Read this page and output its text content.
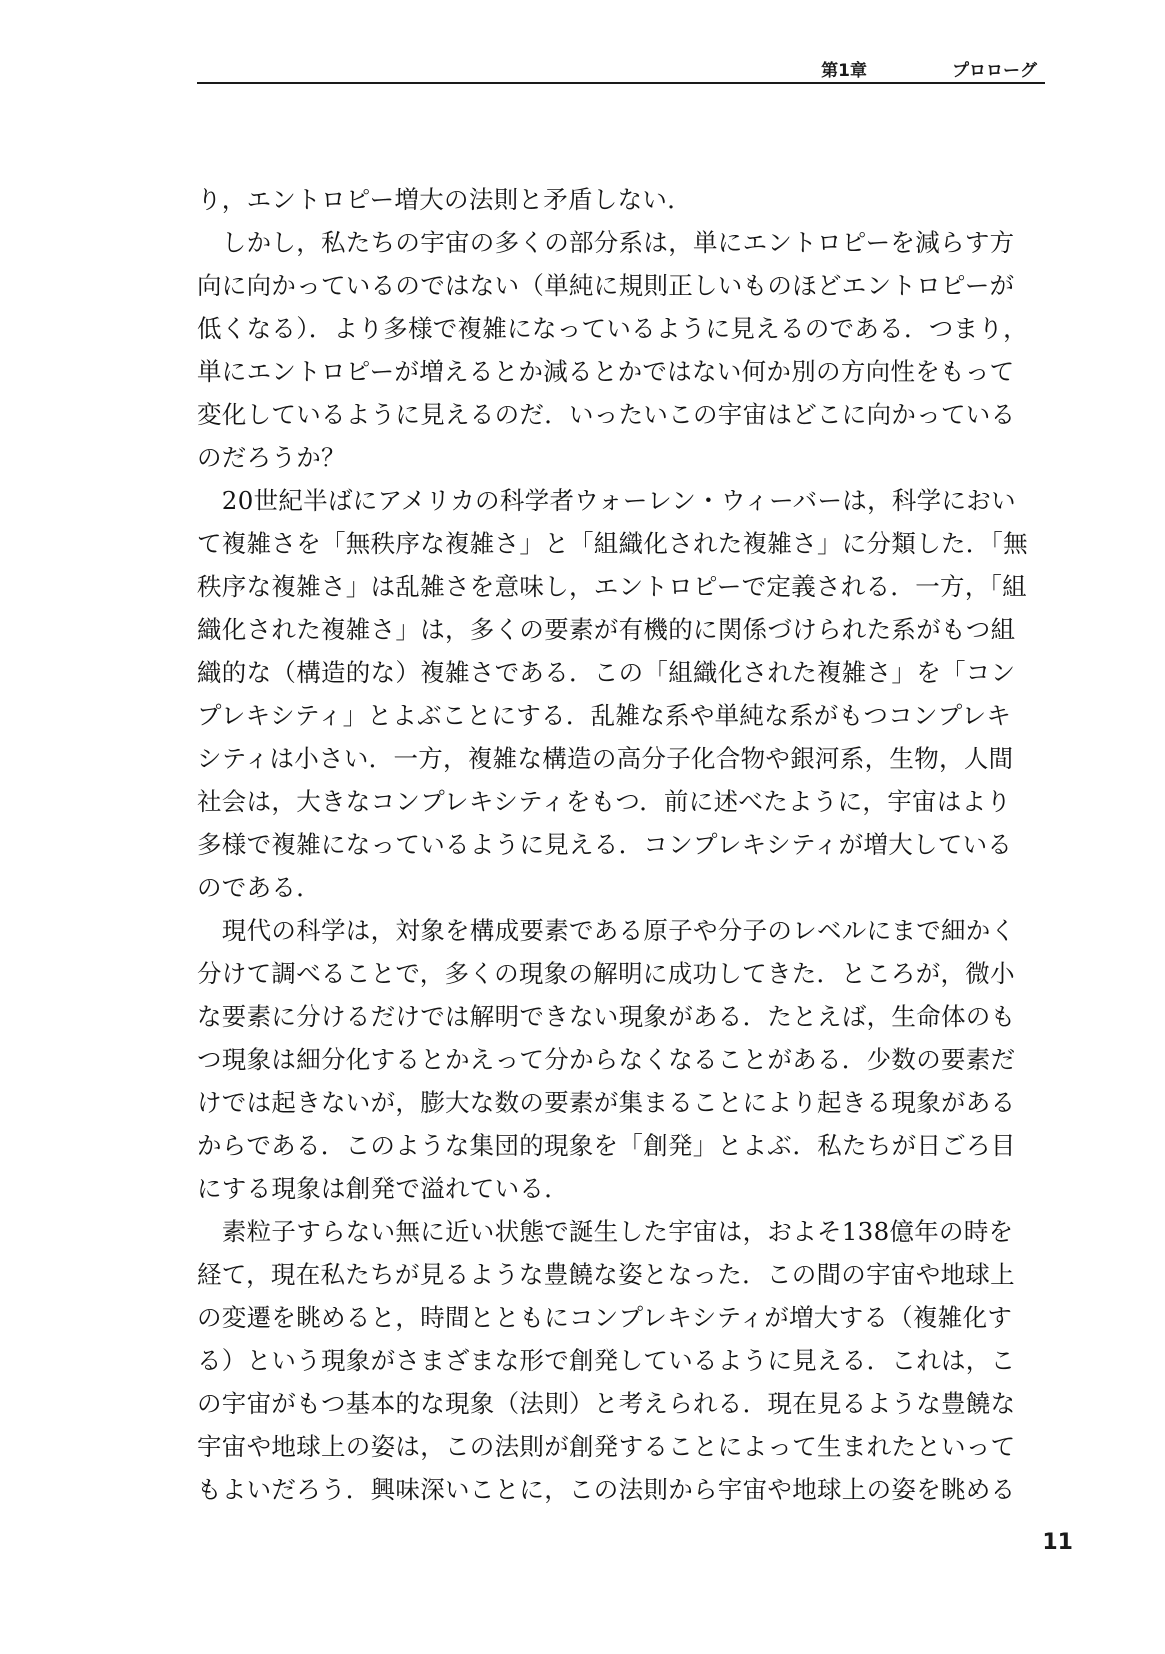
第1章	プロローグ
り，エントロピー増大の法則と矛盾しない．
　しかし，私たちの宇宙の多くの部分系は，単にエントロピーを減らす方
向に向かっているのではない（単純に規則正しいものほどエントロピーが
低くなる）．より多様で複雑になっているように見えるのである．つまり，
単にエントロピーが増えるとか減るとかではない何か別の方向性をもって
変化しているように見えるのだ．いったいこの宇宙はどこに向かっている
のだろうか？
　20世紀半ばにアメリカの科学者ウォーレン・ウィーバーは，科学におい
て複雑さを「無秩序な複雑さ」と「組織化された複雑さ」に分類した．「無
秩序な複雑さ」は乱雑さを意味し，エントロピーで定義される．一方，「組
織化された複雑さ」は，多くの要素が有機的に関係づけられた系がもつ組
織的な（構造的な）複雑さである．この「組織化された複雑さ」を「コン
プレキシティ」とよぶことにする．乱雑な系や単純な系がもつコンプレキ
シティは小さい．一方，複雑な構造の高分子化合物や銀河系，生物，人間
社会は，大きなコンプレキシティをもつ．前に述べたように，宇宙はより
多様で複雑になっているように見える．コンプレキシティが増大している
のである．
　現代の科学は，対象を構成要素である原子や分子のレベルにまで細かく
分けて調べることで，多くの現象の解明に成功してきた．ところが，微小
な要素に分けるだけでは解明できない現象がある．たとえば，生命体のも
つ現象は細分化するとかえって分からなくなることがある．少数の要素だ
けでは起きないが，膨大な数の要素が集まることにより起きる現象がある
からである．このような集団的現象を「創発」とよぶ．私たちが日ごろ目
にする現象は創発で溢れている．
　素粒子すらない無に近い状態で誕生した宇宙は，およそ138億年の時を
経て，現在私たちが見るような豊饒な姿となった．この間の宇宙や地球上
の変遷を眺めると，時間とともにコンプレキシティが増大する（複雑化す
る）という現象がさまざまな形で創発しているように見える．これは，こ
の宇宙がもつ基本的な現象（法則）と考えられる．現在見るような豊饒な
宇宙や地球上の姿は，この法則が創発することによって生まれたといって
もよいだろう．興味深いことに，この法則から宇宙や地球上の姿を眺める
11
